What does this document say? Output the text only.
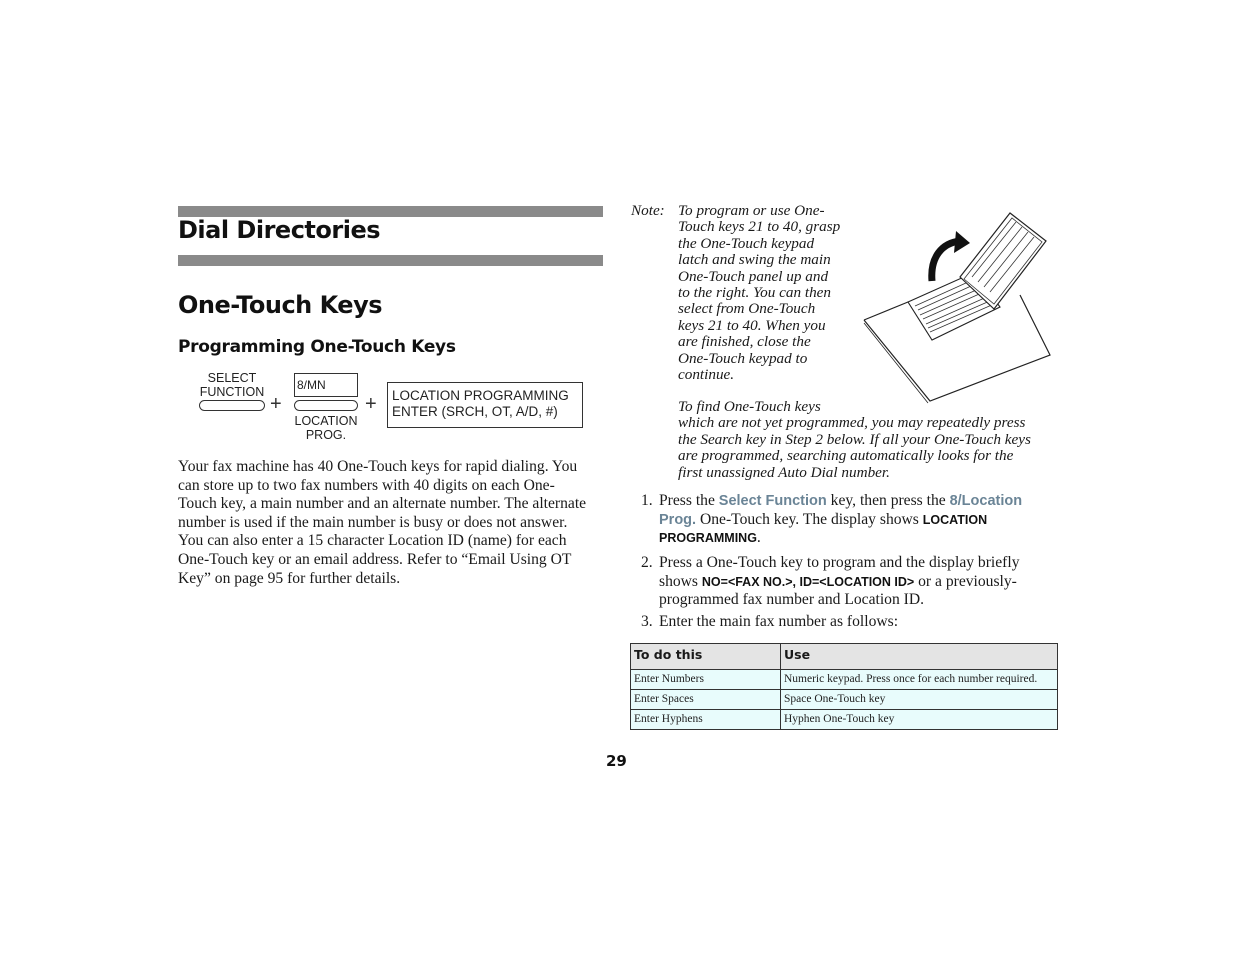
Dial Directories
One-Touch Keys
Programming One-Touch Keys
SELECT
FUNCTION
+
8/MN
LOCATION
PROG.
+ LOCATION PROGRAMMING
ENTER (SRCH, OT, A/D, #)
Your fax machine has 40 One-Touch keys for rapid dialing. You
can store up to two fax numbers with 40 digits on each One-
Touch key, a main number and an alternate number. The alternate
number is used if the main number is busy or does not answer.
You can also enter a 15 character Location ID (name) for each
One-Touch key or an email address. Refer to “Email Using OT
Key” on page 95 for further details.
Note: To program or use One-
Touch keys 21 to 40, grasp
the One-Touch keypad
latch and swing the main
One-Touch panel up and
to the right. You can then
select from One-Touch
keys 21 to 40. When you
are finished, close the
One-Touch keypad to
continue.
To find One-Touch keys
which are not yet programmed, you may repeatedly press
the Search key in Step 2 below. If all your One-Touch keys
are programmed, searching automatically looks for the
first unassigned Auto Dial number.
1. Press the Select Function key, then press the 8/Location
Prog. One-Touch key. The display shows LOCATION
PROGRAMMING.
2. Press a One-Touch key to program and the display briefly
shows NO=<FAX NO.>, ID=<LOCATION ID> or a previously-
programmed fax number and Location ID.
3. Enter the main fax number as follows:
To do this	Use
Enter Numbers	Numeric keypad. Press once for each number required.
Enter Spaces	Space One-Touch key
Enter Hyphens	Hyphen One-Touch key
29
